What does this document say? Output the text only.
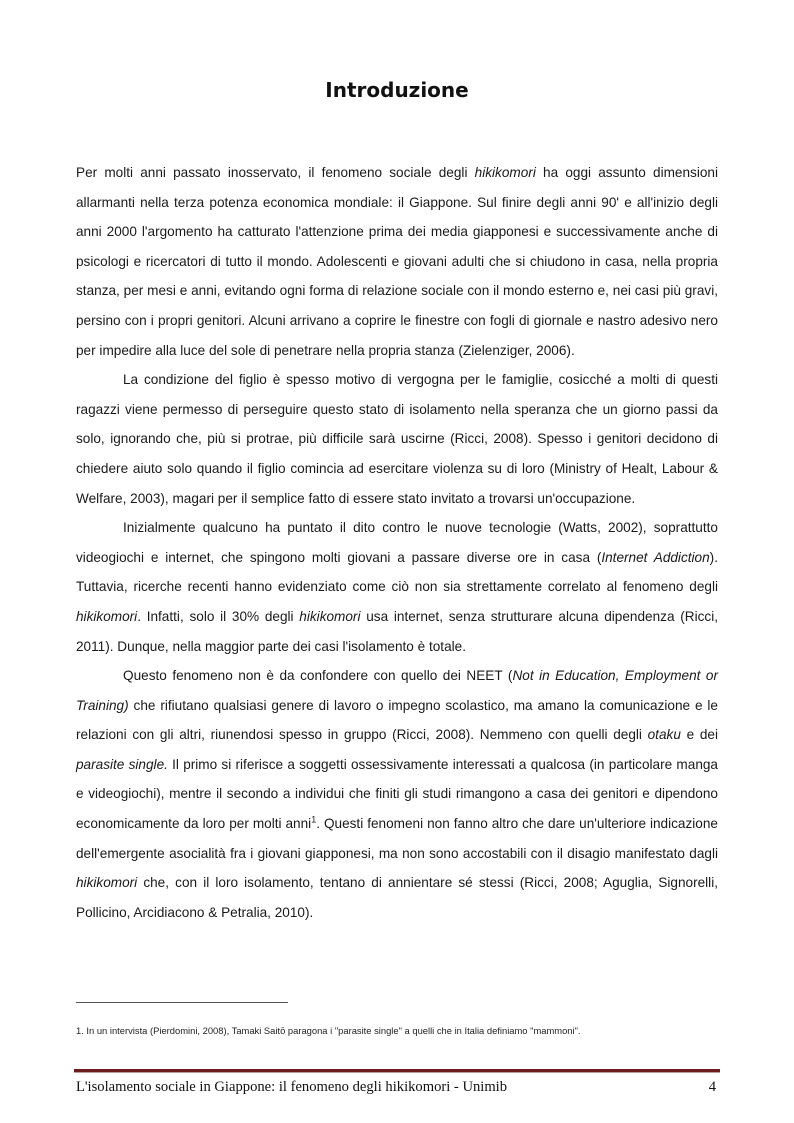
Introduzione

Per molti anni passato inosservato, il fenomeno sociale degli hikikomori ha oggi assunto dimensioni allarmanti nella terza potenza economica mondiale: il Giappone. Sul finire degli anni 90' e all'inizio degli anni 2000 l'argomento ha catturato l'attenzione prima dei media giapponesi e successivamente anche di psicologi e ricercatori di tutto il mondo. Adolescenti e giovani adulti che si chiudono in casa, nella propria stanza, per mesi e anni, evitando ogni forma di relazione sociale con il mondo esterno e, nei casi più gravi, persino con i propri genitori. Alcuni arrivano a coprire le finestre con fogli di giornale e nastro adesivo nero per impedire alla luce del sole di penetrare nella propria stanza (Zielenziger, 2006).

La condizione del figlio è spesso motivo di vergogna per le famiglie, cosicché a molti di questi ragazzi viene permesso di perseguire questo stato di isolamento nella speranza che un giorno passi da solo, ignorando che, più si protrae, più difficile sarà uscirne (Ricci, 2008). Spesso i genitori decidono di chiedere aiuto solo quando il figlio comincia ad esercitare violenza su di loro (Ministry of Healt, Labour & Welfare, 2003), magari per il semplice fatto di essere stato invitato a trovarsi un'occupazione.

Inizialmente qualcuno ha puntato il dito contro le nuove tecnologie (Watts, 2002), soprattutto videogiochi e internet, che spingono molti giovani a passare diverse ore in casa (Internet Addiction). Tuttavia, ricerche recenti hanno evidenziato come ciò non sia strettamente correlato al fenomeno degli hikikomori. Infatti, solo il 30% degli hikikomori usa internet, senza strutturare alcuna dipendenza (Ricci, 2011). Dunque, nella maggior parte dei casi l'isolamento è totale.

Questo fenomeno non è da confondere con quello dei NEET (Not in Education, Employment or Training) che rifiutano qualsiasi genere di lavoro o impegno scolastico, ma amano la comunicazione e le relazioni con gli altri, riunendosi spesso in gruppo (Ricci, 2008). Nemmeno con quelli degli otaku e dei parasite single. Il primo si riferisce a soggetti ossessivamente interessati a qualcosa (in particolare manga e videogiochi), mentre il secondo a individui che finiti gli studi rimangono a casa dei genitori e dipendono economicamente da loro per molti anni$^1$. Questi fenomeni non fanno altro che dare un'ulteriore indicazione dell'emergente asocialità fra i giovani giapponesi, ma non sono accostabili con il disagio manifestato dagli hikikomori che, con il loro isolamento, tentano di annientare sé stessi (Ricci, 2008; Aguglia, Signorelli, Pollicino, Arcidiacono & Petralia, 2010).

1. In un intervista (Pierdomini, 2008), Tamaki Saitō paragona i "parasite single" a quelli che in Italia definiamo "mammoni".
L'isolamento sociale in Giappone: il fenomeno degli hikikomori - Unimib	4
